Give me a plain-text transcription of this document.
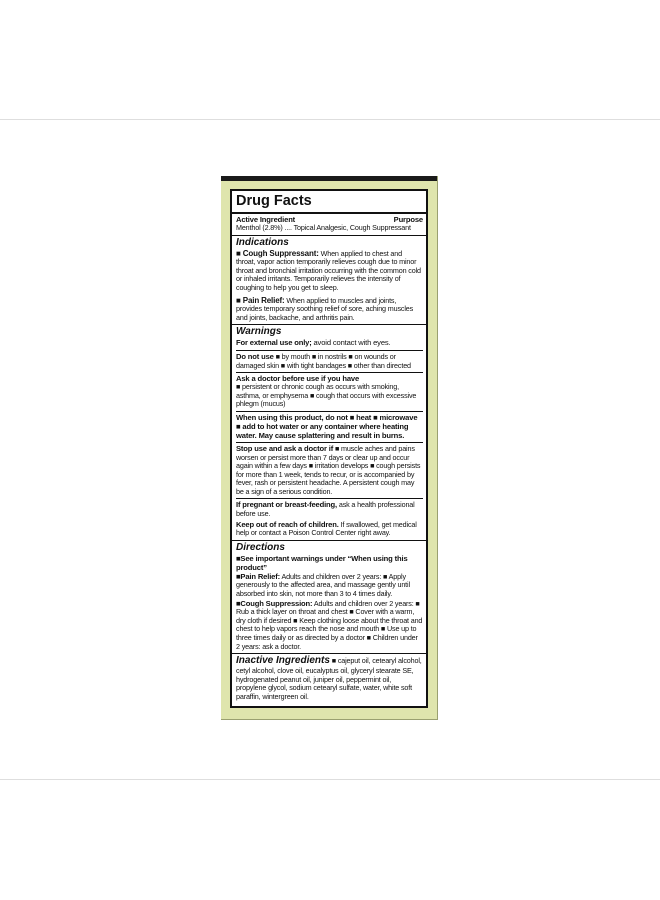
Drug Facts
Active Ingredient	Purpose

Menthol (2.8%) .... Topical Analgesic, Cough Suppressant

Indications

■ Cough Suppressant: When applied to chest and throat, vapor action temporarily relieves cough due to minor throat and bronchial irritation occurring with the common cold or inhaled irritants. Temporarily relieves the intensity of coughing to help you get to sleep.

■ Pain Relief: When applied to muscles and joints, provides temporary soothing relief of sore, aching muscles and joints, backache, and arthritis pain.

Warnings

For external use only; avoid contact with eyes.

Do not use ■ by mouth ■ in nostrils ■ on wounds or damaged skin ■ with tight bandages ■ other than directed

Ask a doctor before use if you have

■ persistent or chronic cough as occurs with smoking, asthma, or emphysema ■ cough that occurs with excessive phlegm (mucus)

When using this product, do not ■ heat ■ microwave ■ add to hot water or any container where heating water. May cause splattering and result in burns.

Stop use and ask a doctor if ■ muscle aches and pains worsen or persist more than 7 days or clear up and occur again within a few days ■ irritation develops ■ cough persists for more than 1 week, tends to recur, or is accompanied by fever, rash or persistent headache. A persistent cough may be a sign of a serious condition.

If pregnant or breast-feeding, ask a health professional before use.

Keep out of reach of children. If swallowed, get medical help or contact a Poison Control Center right away.

Directions

■See important warnings under “When using this product”

■Pain Relief: Adults and children over 2 years: ■ Apply generously to the affected area, and massage gently until absorbed into skin, not more than 3 to 4 times daily.

■Cough Suppression: Adults and children over 2 years: ■ Rub a thick layer on throat and chest ■ Cover with a warm, dry cloth if desired ■ Keep clothing loose about the throat and chest to help vapors reach the nose and mouth ■ Use up to three times daily or as directed by a doctor ■ Children under 2 years: ask a doctor.

Inactive Ingredients ■ cajeput oil, cetearyl alcohol, cetyl alcohol, clove oil, eucalyptus oil, glyceryl stearate SE, hydrogenated peanut oil, juniper oil, peppermint oil, propylene glycol, sodium cetearyl sulfate, water, white soft paraffin, wintergreen oil.
